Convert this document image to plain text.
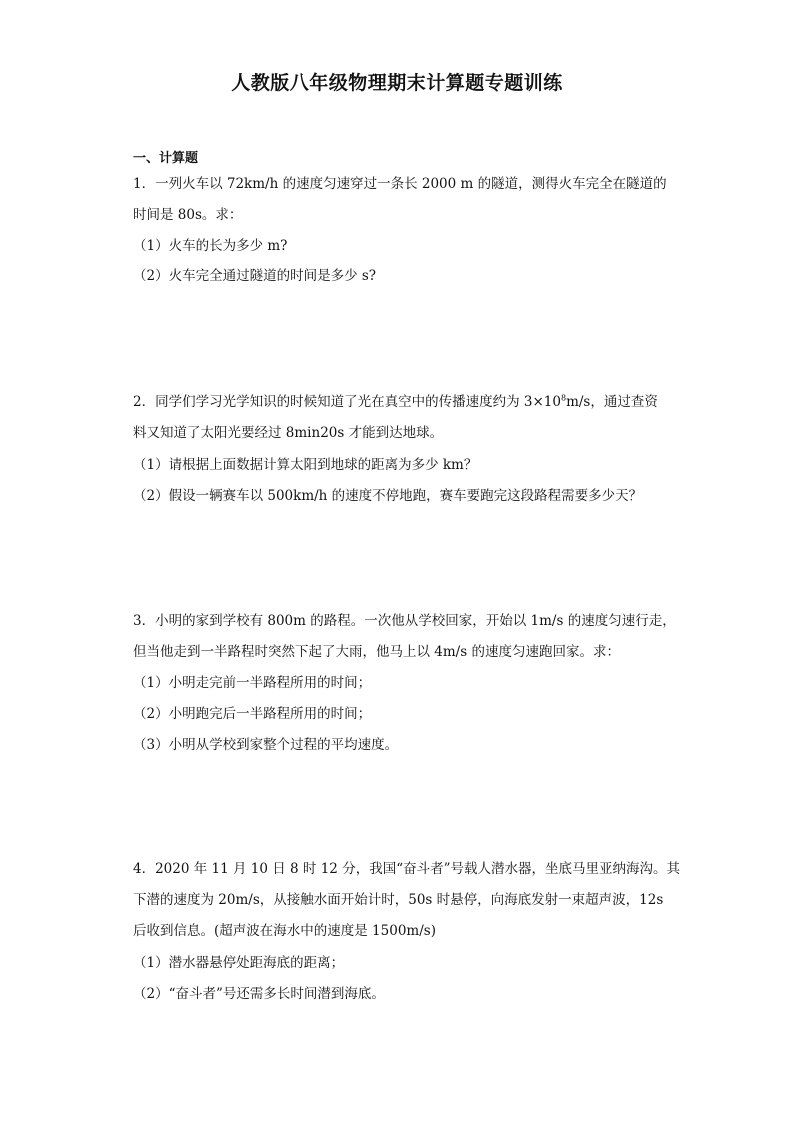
人教版八年级物理期末计算题专题训练
一、计算题
1．一列火车以 72km/h 的速度匀速穿过一条长 2000 m 的隧道，测得火车完全在隧道的
时间是 80s。求：
（1）火车的长为多少 m?
（2）火车完全通过隧道的时间是多少 s?
2．同学们学习光学知识的时候知道了光在真空中的传播速度约为 $3\times 10^8m/s$，通过查资
料又知道了太阳光要经过 8min20s 才能到达地球。
（1）请根据上面数据计算太阳到地球的距离为多少 km？
（2）假设一辆赛车以 500km/h 的速度不停地跑，赛车要跑完这段路程需要多少天？
3．小明的家到学校有 800m 的路程。一次他从学校回家，开始以 1m/s 的速度匀速行走，
但当他走到一半路程时突然下起了大雨，他马上以 4m/s 的速度匀速跑回家。求：
（1）小明走完前一半路程所用的时间；
（2）小明跑完后一半路程所用的时间；
（3）小明从学校到家整个过程的平均速度。
4．2020 年 11 月 10 日 8 时 12 分，我国“奋斗者”号载人潜水器，坐底马里亚纳海沟。其
下潜的速度为 20m/s，从接触水面开始计时，50s 时悬停，向海底发射一束超声波，12s
后收到信息。(超声波在海水中的速度是 1500m/s)
（1）潜水器悬停处距海底的距离；
（2）“奋斗者”号还需多长时间潜到海底。
